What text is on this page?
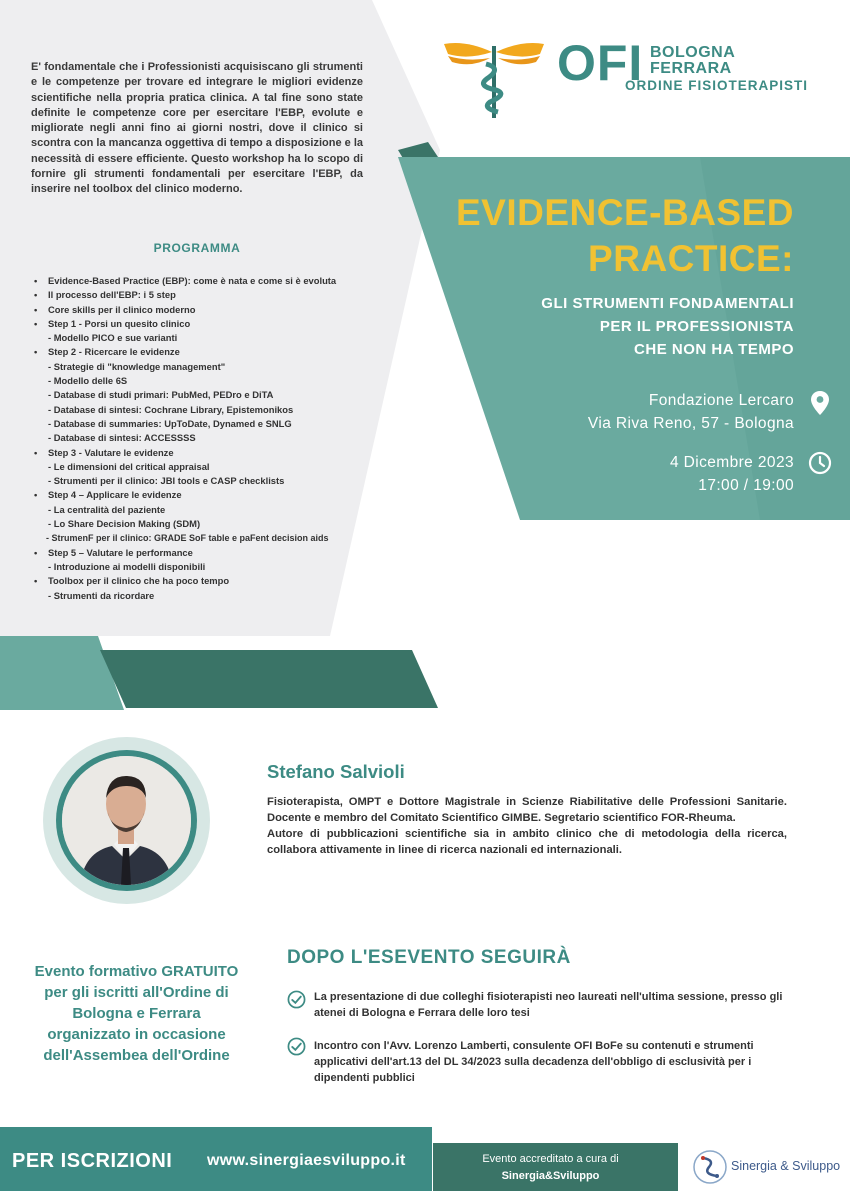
OFI BOLOGNA
FERRARA
ORDINE FISIOTERAPISTI

E' fondamentale che i Professionisti acquisiscano gli strumenti e le competenze per trovare ed integrare le migliori evidenze scientifiche nella propria pratica clinica. A tal fine sono state definite le competenze core per esercitare l'EBP, evolute e migliorate negli anni fino ai giorni nostri, dove il clinico si scontra con la mancanza oggettiva di tempo a disposizione e la necessità di essere efficiente. Questo workshop ha lo scopo di fornire gli strumenti fondamentali per esercitare l'EBP, da inserire nel toolbox del clinico moderno.

PROGRAMMA
• Evidence-Based Practice (EBP): come è nata e come si è evoluta
• Il processo dell'EBP: i 5 step
• Core skills per il clinico moderno
• Step 1 - Porsi un quesito clinico
- Modello PICO e sue varianti
• Step 2 - Ricercare le evidenze
- Strategie di "knowledge management"
- Modello delle 6S
- Database di studi primari: PubMed, PEDro e DiTA
- Database di sintesi: Cochrane Library, Epistemonikos
- Database di summaries: UpToDate, Dynamed e SNLG
- Database di sintesi: ACCESSSS
• Step 3 - Valutare le evidenze
- Le dimensioni del critical appraisal
- Strumenti per il clinico: JBI tools e CASP checklists
• Step 4 – Applicare le evidenze
- La centralità del paziente
- Lo Share Decision Making (SDM)
- StrumenF per il clinico: GRADE SoF table e paFent decision aids
• Step 5 – Valutare le performance
- Introduzione ai modelli disponibili
• Toolbox per il clinico che ha poco tempo
- Strumenti da ricordare
EVIDENCE-BASED
PRACTICE:
GLI STRUMENTI FONDAMENTALI
PER IL PROFESSIONISTA
CHE NON HA TEMPO
Fondazione Lercaro
Via Riva Reno, 57 - Bologna
4 Dicembre 2023
17:00 / 19:00
Stefano Salvioli
Fisioterapista, OMPT e Dottore Magistrale in Scienze Riabilitative delle Professioni Sanitarie. Docente e membro del Comitato Scientifico GIMBE. Segretario scientifico FOR-Rheuma.
Autore di pubblicazioni scientifiche sia in ambito clinico che di metodologia della ricerca, collabora attivamente in linee di ricerca nazionali ed internazionali.
Evento formativo GRATUITO
per gli iscritti all'Ordine di
Bologna e Ferrara
organizzato in occasione
dell'Assembea dell'Ordine
DOPO L'ESEVENTO SEGUIRÀ
La presentazione di due colleghi fisioterapisti neo laureati nell'ultima sessione, presso gli atenei di Bologna e Ferrara delle loro tesi
Incontro con l'Avv. Lorenzo Lamberti, consulente OFI BoFe su contenuti e strumenti applicativi dell'art.13 del DL 34/2023 sulla decadenza dell'obbligo di esclusività per i dipendenti pubblici
PER ISCRIZIONI www.sinergiaesviluppo.it	Evento accreditato a cura di
Sinergia&Sviluppo
Sinergia & Sviluppo
